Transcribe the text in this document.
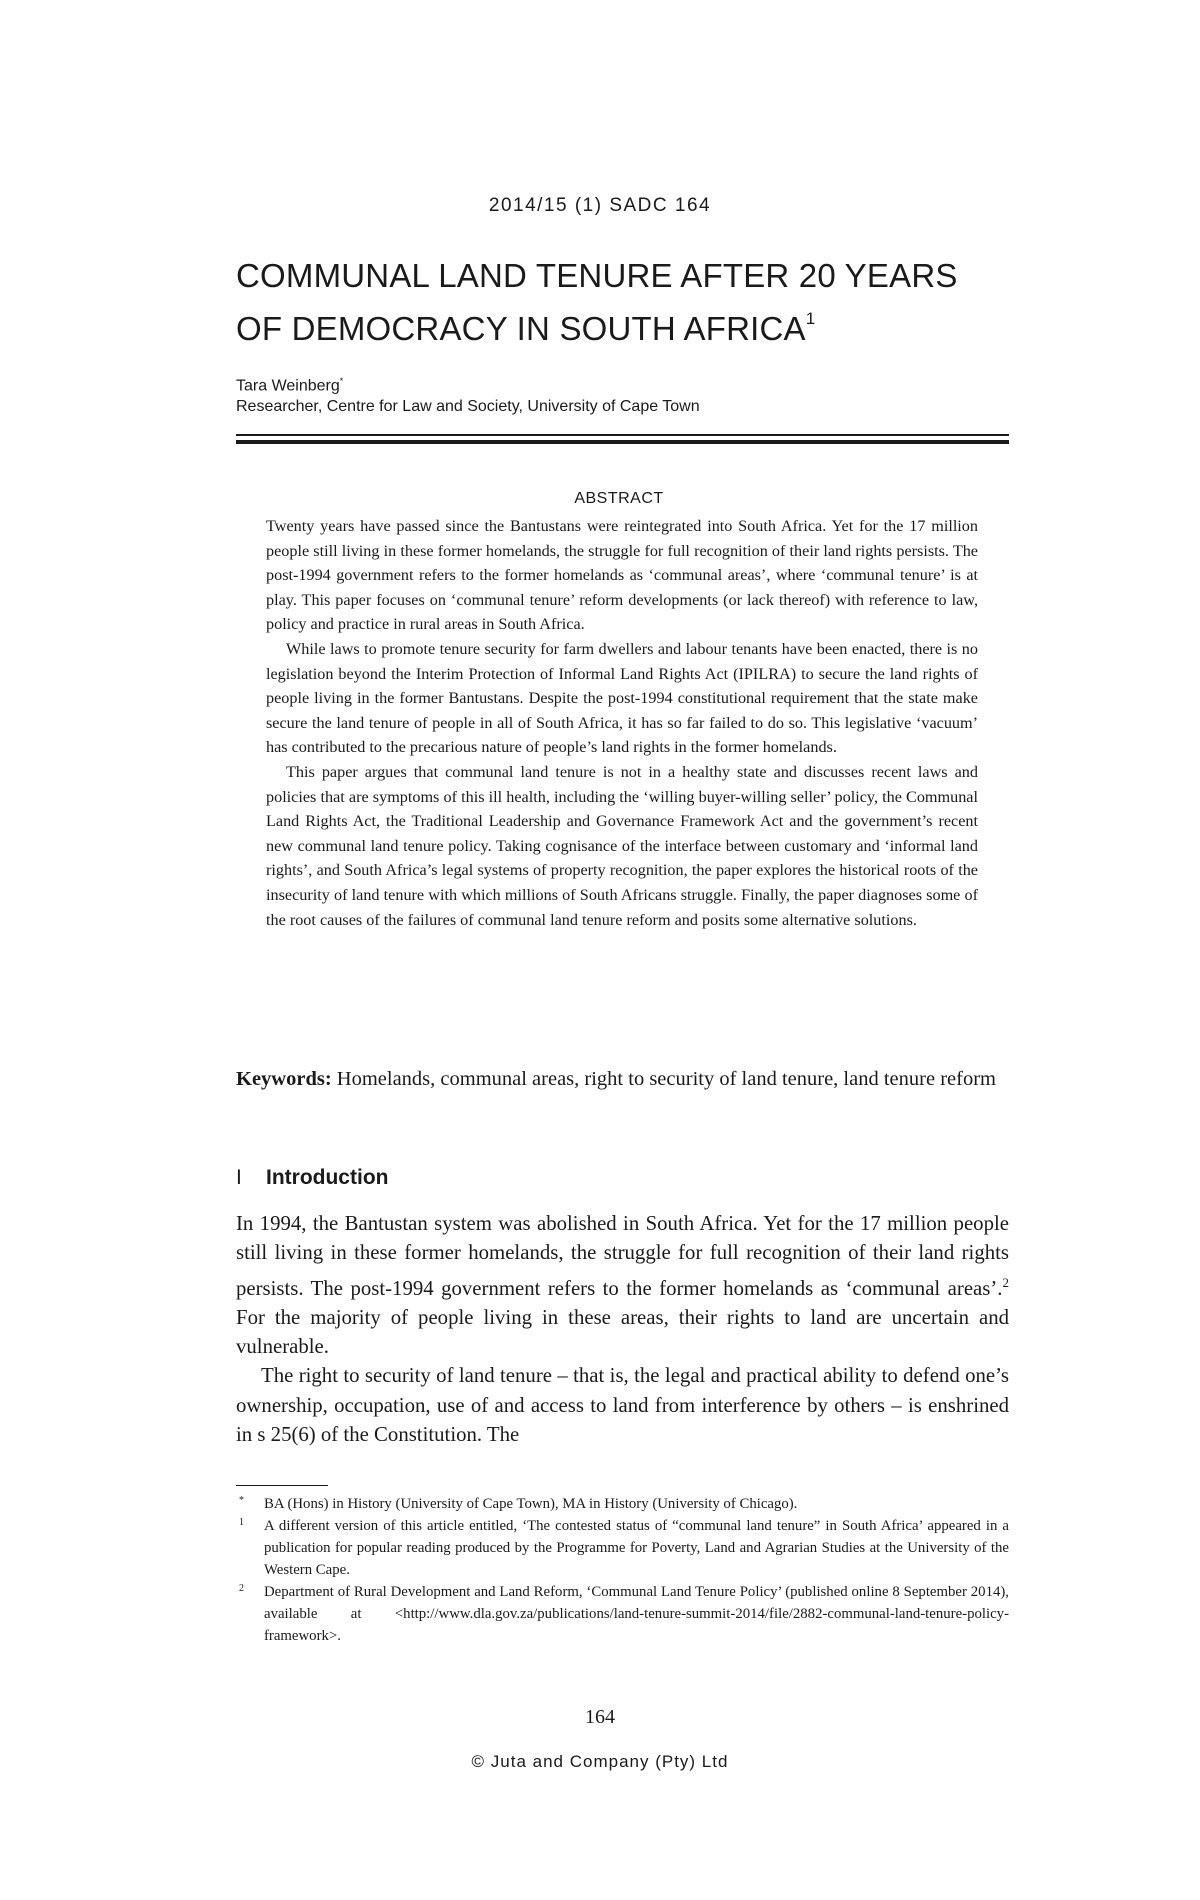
2014/15 (1) SADC 164
COMMUNAL LAND TENURE AFTER 20 YEARS
OF DEMOCRACY IN SOUTH AFRICA$^1$
Tara Weinberg*
Researcher, Centre for Law and Society, University of Cape Town
ABSTRACT

Twenty years have passed since the Bantustans were reintegrated into South Africa. Yet for the 17 million people still living in these former homelands, the struggle for full recognition of their land rights persists. The post-1994 government refers to the former homelands as ‘communal areas’, where ‘communal tenure’ is at play. This paper focuses on ‘communal tenure’ reform developments (or lack thereof) with reference to law, policy and practice in rural areas in South Africa.

While laws to promote tenure security for farm dwellers and labour tenants have been enacted, there is no legislation beyond the Interim Protection of Informal Land Rights Act (IPILRA) to secure the land rights of people living in the former Bantustans. Despite the post-1994 constitutional requirement that the state make secure the land tenure of people in all of South Africa, it has so far failed to do so. This legislative ‘vacuum’ has contributed to the precarious nature of people’s land rights in the former homelands.

This paper argues that communal land tenure is not in a healthy state and discusses recent laws and policies that are symptoms of this ill health, including the ‘willing buyer-willing seller’ policy, the Communal Land Rights Act, the Traditional Leadership and Governance Framework Act and the government’s recent new communal land tenure policy. Taking cognisance of the interface between customary and ‘informal land rights’, and South Africa’s legal systems of property recognition, the paper explores the historical roots of the insecurity of land tenure with which millions of South Africans struggle. Finally, the paper diagnoses some of the root causes of the failures of communal land tenure reform and posits some alternative solutions.

Keywords: Homelands, communal areas, right to security of land tenure, land tenure reform

I Introduction

In 1994, the Bantustan system was abolished in South Africa. Yet for the 17 million people still living in these former homelands, the struggle for full recognition of their land rights persists. The post-1994 government refers to the former homelands as ‘communal areas’.$^2$ For the majority of people living in these areas, their rights to land are uncertain and vulnerable.

The right to security of land tenure – that is, the legal and practical ability to defend one’s ownership, occupation, use of and access to land from interference by others – is enshrined in s 25(6) of the Constitution. The

* BA (Hons) in History (University of Cape Town), MA in History (University of Chicago).
1 A different version of this article entitled, ‘The contested status of “communal land tenure” in South Africa’ appeared in a publication for popular reading produced by the Programme for Poverty, Land and Agrarian Studies at the University of the Western Cape.
2 Department of Rural Development and Land Reform, ‘Communal Land Tenure Policy’ (published online 8 September 2014), available at <http://www.dla.gov.za/publications/land-tenure-summit-2014/file/2882-communal-land-tenure-policy-framework>.
164
© Juta and Company (Pty) Ltd
